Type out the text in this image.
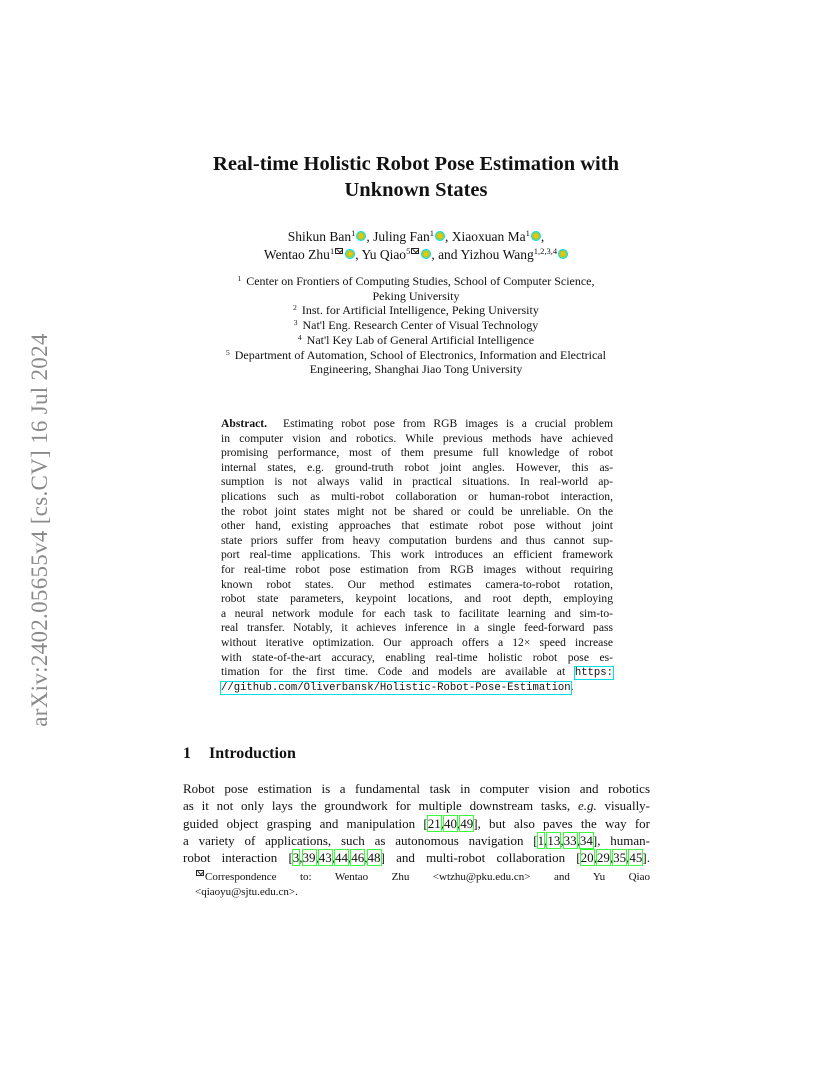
arXiv:2402.05655v4 [cs.CV] 16 Jul 2024
Real-time Holistic Robot Pose Estimation with
Unknown States
Shikun Ban$^1$ , Juling Fan$^1$ , Xiaoxuan Ma$^1$ ,
Wentao Zhu$^1$ , Yu Qiao$^5$ , and Yizhou Wang$^{1,2,3,4}$
$^1$ Center on Frontiers of Computing Studies, School of Computer Science,
Peking University
$^2$ Inst. for Artificial Intelligence, Peking University
$^3$ Nat'l Eng. Research Center of Visual Technology
$^4$ Nat'l Key Lab of General Artificial Intelligence
$^5$ Department of Automation, School of Electronics, Information and Electrical
Engineering, Shanghai Jiao Tong University
Abstract. Estimating robot pose from RGB images is a crucial problem
in computer vision and robotics. While previous methods have achieved
promising performance, most of them presume full knowledge of robot
internal states, e.g. ground-truth robot joint angles. However, this as-
sumption is not always valid in practical situations. In real-world ap-
plications such as multi-robot collaboration or human-robot interaction,
the robot joint states might not be shared or could be unreliable. On the
other hand, existing approaches that estimate robot pose without joint
state priors suffer from heavy computation burdens and thus cannot sup-
port real-time applications. This work introduces an efficient framework
for real-time robot pose estimation from RGB images without requiring
known robot states. Our method estimates camera-to-robot rotation,
robot state parameters, keypoint locations, and root depth, employing
a neural network module for each task to facilitate learning and sim-to-
real transfer. Notably, it achieves inference in a single feed-forward pass
without iterative optimization. Our approach offers a 12× speed increase
with state-of-the-art accuracy, enabling real-time holistic robot pose es-
timation for the first time. Code and models are available at https:
//github.com/Oliverbansk/Holistic-Robot-Pose-Estimation.
1 Introduction
Robot pose estimation is a fundamental task in computer vision and robotics
as it not only lays the groundwork for multiple downstream tasks, e.g. visually-
guided object grasping and manipulation [21,40,49], but also paves the way for
a variety of applications, such as autonomous navigation [1,13,33,34], human-
robot interaction [3,39,43,44,46,48] and multi-robot collaboration [20,29,35,45].
Correspondence to: Wentao Zhu <wtzhu@pku.edu.cn> and Yu Qiao
<qiaoyu@sjtu.edu.cn>.
